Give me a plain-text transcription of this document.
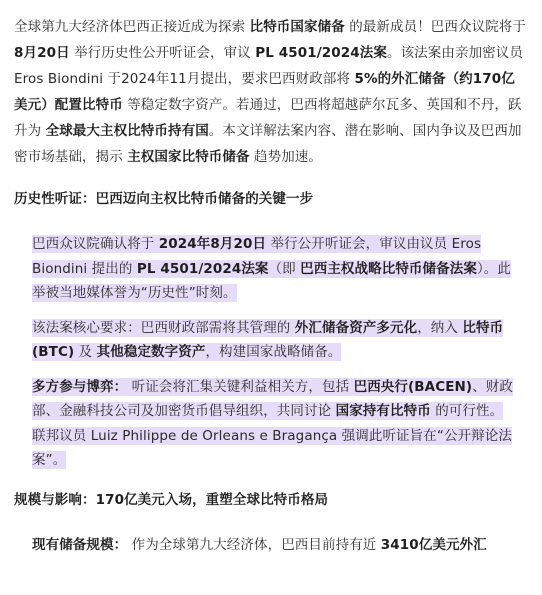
全球第九大经济体巴西正接近成为探索 比特币国家储备 的最新成员！巴西众议院将于 8月20日 举行历史性公开听证会，审议 PL 4501/2024法案。该法案由亲加密议员 Eros Biondini 于2024年11月提出，要求巴西财政部将 5%的外汇储备（约170亿美元）配置比特币 等稳定数字资产。若通过，巴西将超越萨尔瓦多、英国和不丹，跃升为 全球最大主权比特币持有国。本文详解法案内容、潜在影响、国内争议及巴西加密市场基础，揭示 主权国家比特币储备 趋势加速。

历史性听证：巴西迈向主权比特币储备的关键一步

巴西众议院确认将于 2024年8月20日 举行公开听证会，审议由议员 Eros Biondini 提出的 PL 4501/2024法案（即 巴西主权战略比特币储备法案）。此举被当地媒体誉为“历史性”时刻。

该法案核心要求：巴西财政部需将其管理的 外汇储备资产多元化，纳入 比特币(BTC) 及 其他稳定数字资产，构建国家战略储备。

多方参与博弈： 听证会将汇集关键利益相关方，包括 巴西央行(BACEN)、财政部、金融科技公司及加密货币倡导组织，共同讨论 国家持有比特币 的可行性。联邦议员 Luiz Philippe de Orleans e Bragança 强调此听证旨在“公开辩论法案”。

规模与影响：170亿美元入场，重塑全球比特币格局

现有储备规模： 作为全球第九大经济体，巴西目前持有近 3410亿美元外汇
